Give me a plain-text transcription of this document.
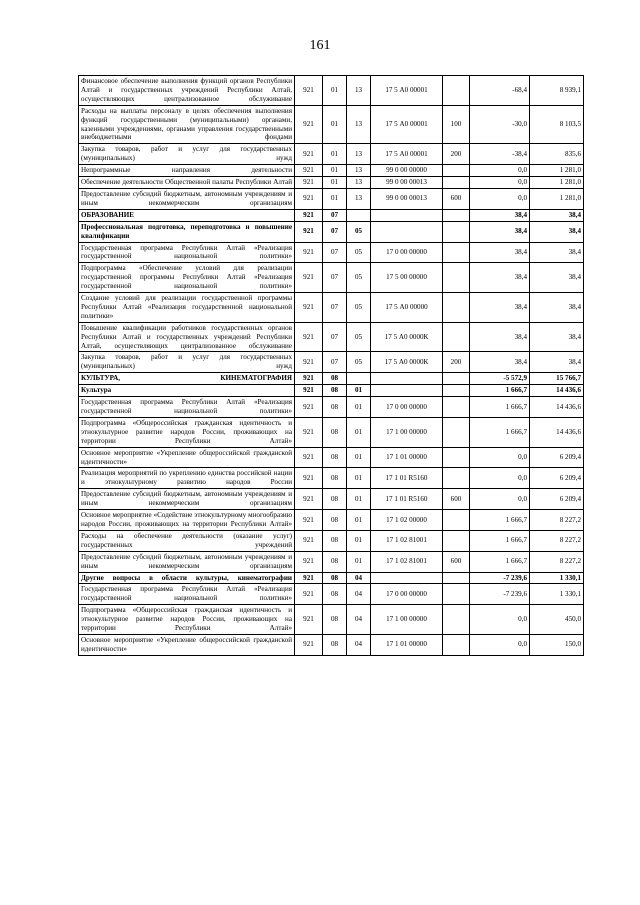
161
Финансовое обеспечение выполнения функций органов Республики Алтай и государственных учреждений Республики Алтай, осуществляющих централизованное обслуживание	921	01	13	17 5 А0 00001		-68,4	8 939,1
Расходы на выплаты персоналу в целях обеспечения выполнения функций государственными (муниципальными) органами, казенными учреждениями, органами управления государственными внебюджетными фондами	921	01	13	17 5 А0 00001	100	-30,0	8 103,5
Закупка товаров, работ и услуг для государственных (муниципальных) нужд	921	01	13	17 5 А0 00001	200	-38,4	835,6
Непрограммные направления деятельности	921	01	13	99 0 00 00000		0,0	1 281,0
Обеспечение деятельности Общественной палаты Республики Алтай	921	01	13	99 0 00 00013		0,0	1 281,0
Предоставление субсидий бюджетным, автономным учреждениям и иным некоммерческим организациям	921	01	13	99 0 00 00013	600	0,0	1 281,0
ОБРАЗОВАНИЕ	921	07				38,4	38,4
Профессиональная подготовка, переподготовка и повышение квалификации	921	07	05			38,4	38,4
Государственная программа Республики Алтай «Реализация государственной национальной политики»	921	07	05	17 0 00 00000		38,4	38,4
Подпрограмма «Обеспечение условий для реализации государственной программы Республики Алтай «Реализация государственной национальной политики»	921	07	05	17 5 00 00000		38,4	38,4
Создание условий для реализации государственной программы Республики Алтай «Реализация государственной национальной политики»	921	07	05	17 5 А0 00000		38,4	38,4
Повышение квалификации работников государственных органов Республики Алтай и государственных учреждений Республики Алтай, осуществляющих централизованное обслуживание	921	07	05	17 5 А0 0000К		38,4	38,4
Закупка товаров, работ и услуг для государственных (муниципальных) нужд	921	07	05	17 5 А0 0000К	200	38,4	38,4
КУЛЬТУРА, КИНЕМАТОГРАФИЯ	921	08				-5 572,9	15 766,7
Культура	921	08	01			1 666,7	14 436,6
Государственная программа Республики Алтай «Реализация государственной национальной политики»	921	08	01	17 0 00 00000		1 666,7	14 436,6
Подпрограмма «Общероссийская гражданская идентичность и этнокультурное развитие народов России, проживающих на территории Республики Алтай»	921	08	01	17 1 00 00000		1 666,7	14 436,6
Основное мероприятие «Укрепление общероссийской гражданской идентичности»	921	08	01	17 1 01 00000		0,0	6 209,4
Реализация мероприятий по укреплению единства российской нации и этнокультурному развитию народов России	921	08	01	17 1 01 R5160		0,0	6 209,4
Предоставление субсидий бюджетным, автономным учреждениям и иным некоммерческим организациям	921	08	01	17 1 01 R5160	600	0,0	6 209,4
Основное мероприятие «Содействие этнокультурному многообразию народов России, проживающих на территории Республики Алтай»	921	08	01	17 1 02 00000		1 666,7	8 227,2
Расходы на обеспечение деятельности (оказание услуг) государственных учреждений	921	08	01	17 1 02 81001		1 666,7	8 227,2
Предоставление субсидий бюджетным, автономным учреждениям и иным некоммерческим организациям	921	08	01	17 1 02 81001	600	1 666,7	8 227,2
Другие вопросы в области культуры, кинематографии	921	08	04			-7 239,6	1 330,1
Государственная программа Республики Алтай «Реализация государственной национальной политики»	921	08	04	17 0 00 00000		-7 239,6	1 330,1
Подпрограмма «Общероссийская гражданская идентичность и этнокультурное развитие народов России, проживающих на территории Республики Алтай»	921	08	04	17 1 00 00000		0,0	450,0
Основное мероприятие «Укрепление общероссийской гражданской идентичности»	921	08	04	17 1 01 00000		0,0	150,0
